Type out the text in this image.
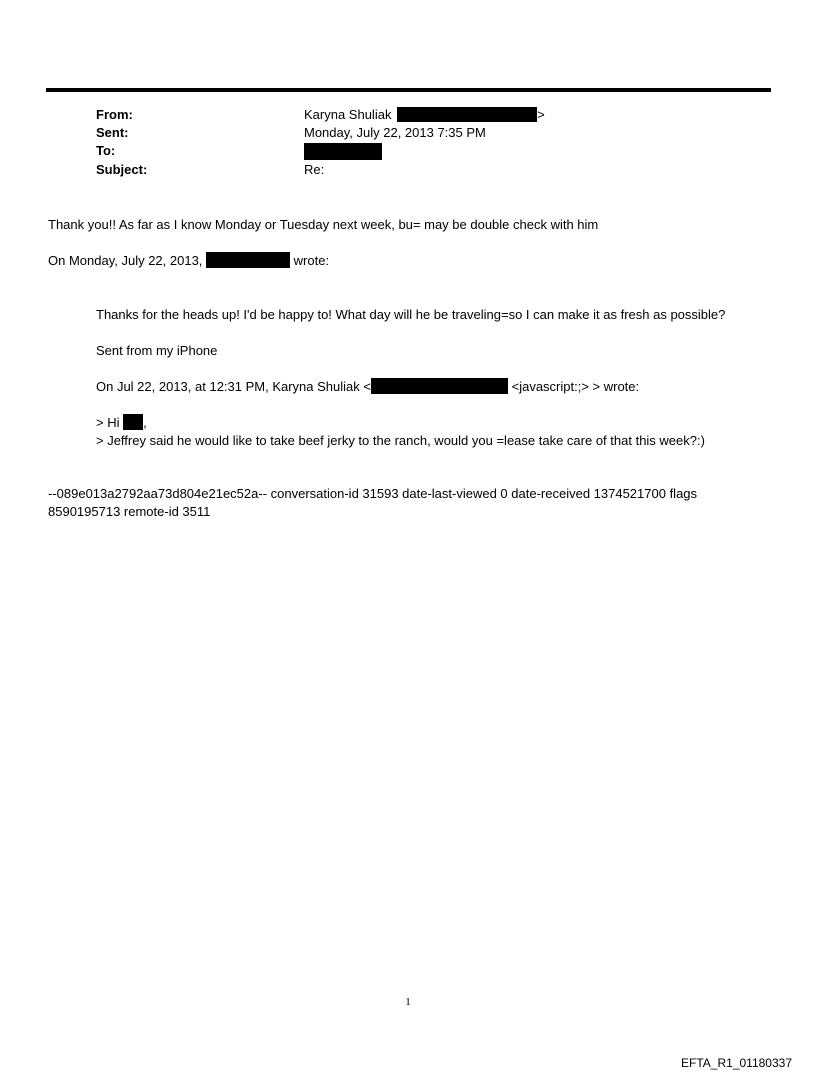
From:	Karyna Shuliak	>
Sent:	Monday, July 22, 2013 7:35 PM
To:
Subject:	Re:
Thank you!! As far as I know Monday or Tuesday next week, bu= may be double check with him
On Monday, July 22, 2013,	wrote:
Thanks for the heads up! I'd be happy to! What day will he be traveling=so I can make it as fresh as possible?
Sent from my iPhone
On Jul 22, 2013, at 12:31 PM, Karyna Shuliak <	<javascript:;> > wrote:
> Hi ,
> Jeffrey said he would like to take beef jerky to the ranch, would you =lease take care of that this week?:)
--089e013a2792aa73d804e21ec52a-- conversation-id 31593 date-last-viewed 0 date-received 1374521700 flags 8590195713 remote-id 3511
1
EFTA_R1_01180337
